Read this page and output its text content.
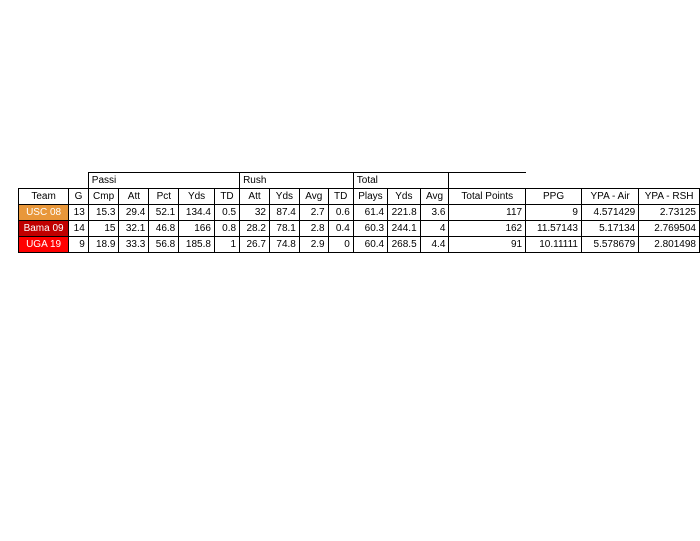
		Passi					Rush				Total						
Team	G	Cmp	Att	Pct	Yds	TD	Att	Yds	Avg	TD	Plays	Yds	Avg	Total Points	PPG	YPA - Air	YPA - RSH
USC 08	13	15.3	29.4	52.1	134.4	0.5	32	87.4	2.7	0.6	61.4	221.8	3.6	117	9	4.571429	2.73125
Bama 09	14	15	32.1	46.8	166	0.8	28.2	78.1	2.8	0.4	60.3	244.1	4	162	11.57143	5.17134	2.769504
UGA 19	9	18.9	33.3	56.8	185.8	1	26.7	74.8	2.9	0	60.4	268.5	4.4	91	10.11111	5.578679	2.801498
